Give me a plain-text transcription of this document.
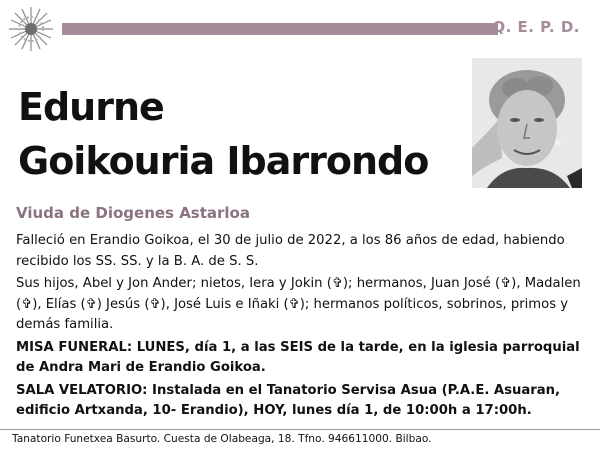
Q. E. P. D.
Edurne
Goikouria Ibarrondo
Viuda de Diogenes Astarloa

Falleció en Erandio Goikoa, el 30 de julio de 2022, a los 86 años de edad, habiendo recibido los SS. SS. y la B. A. de S. S.

Sus hijos, Abel y Jon Ander; nietos, Iera y Jokin (✞); hermanos, Juan José (✞), Madalen (✞), Elías (✞) Jesús (✞), José Luis e Iñaki (✞); hermanos políticos, sobrinos, primos y demás familia.

MISA FUNERAL: LUNES, día 1, a las SEIS de la tarde, en la iglesia parroquial de Andra Mari de Erandio Goikoa.

SALA VELATORIO: Instalada en el Tanatorio Servisa Asua (P.A.E. Asuaran, edificio Artxanda, 10- Erandio), HOY, lunes día 1, de 10:00h a 17:00h.

Tanatorio Funetxea Basurto. Cuesta de Olabeaga, 18. Tfno. 946611000. Bilbao.
